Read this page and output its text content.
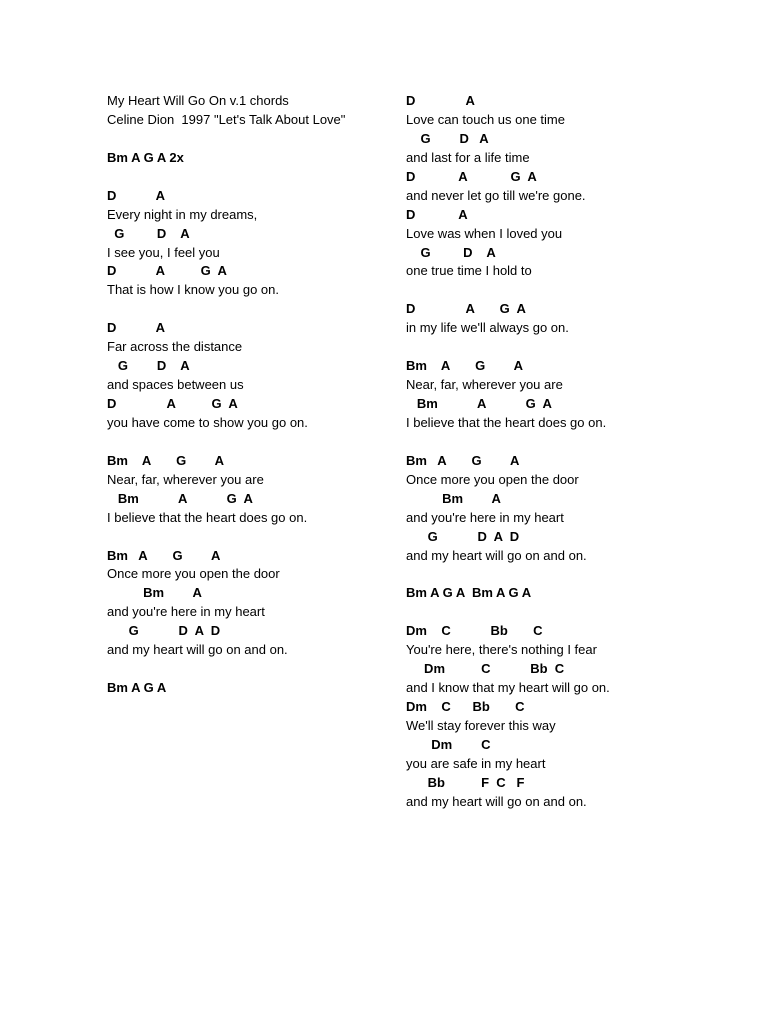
My Heart Will Go On v.1 chords
Celine Dion  1997 "Let's Talk About Love"
Bm A G A 2x
D           A
Every night in my dreams,
G         D    A
I see you, I feel you
D           A          G  A
That is how I know you go on.
D           A
Far across the distance
G        D    A
and spaces between us
D              A          G  A
you have come to show you go on.
Bm    A       G        A
Near, far, wherever you are
Bm           A           G  A
I believe that the heart does go on.
Bm   A       G        A
Once more you open the door
Bm        A
and you're here in my heart
G           D  A  D
and my heart will go on and on.
Bm A G A
D              A
Love can touch us one time
G        D   A
and last for a life time
D            A            G  A
and never let go till we're gone.
D            A
Love was when I loved you
G         D    A
one true time I hold to
D              A       G  A
in my life we'll always go on.
Bm    A       G        A
Near, far, wherever you are
Bm           A           G  A
I believe that the heart does go on.
Bm   A       G        A
Once more you open the door
Bm        A
and you're here in my heart
G           D  A  D
and my heart will go on and on.
Bm A G A  Bm A G A
Dm    C           Bb       C
You're here, there's nothing I fear
Dm          C           Bb  C
and I know that my heart will go on.
Dm    C      Bb       C
We'll stay forever this way
Dm        C
you are safe in my heart
Bb          F  C   F
and my heart will go on and on.
